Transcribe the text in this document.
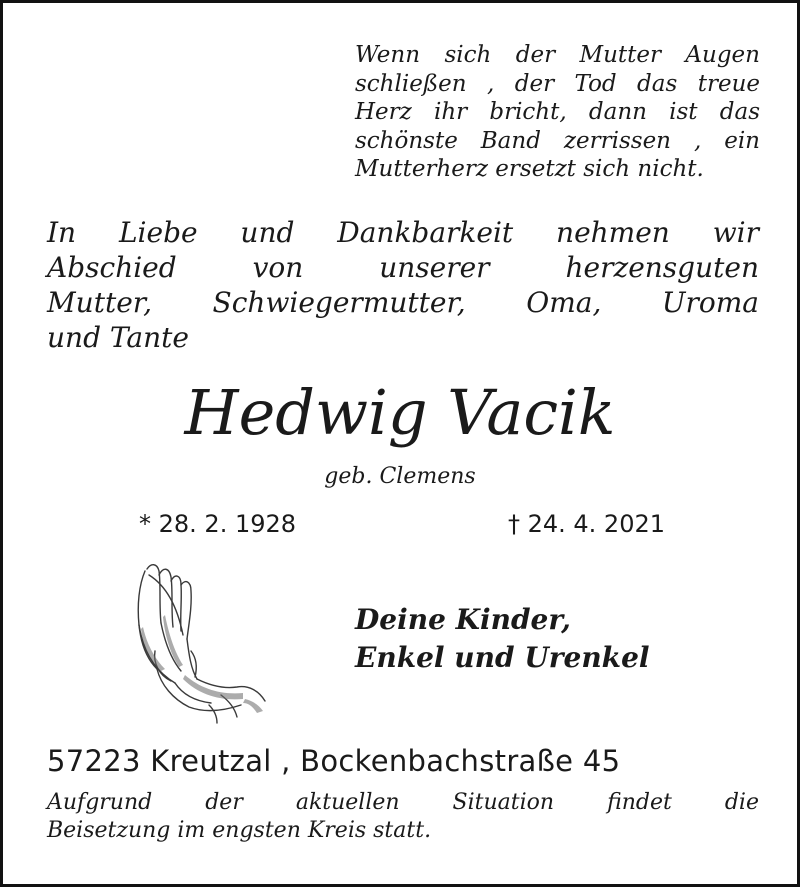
Wenn sich der Mutter Augen
schließen , der Tod das treue
Herz ihr bricht, dann ist das
schönste Band zerrissen , ein
Mutterherz ersetzt sich nicht.
In Liebe und Dankbarkeit nehmen wir
Abschied von unserer herzensguten
Mutter, Schwiegermutter, Oma, Uroma
und Tante
Hedwig Vacik
geb. Clemens
* 28. 2. 1928	† 24. 4. 2021
Deine Kinder,
Enkel und Urenkel
57223 Kreutzal , Bockenbachstraße 45
Aufgrund der aktuellen Situation findet die
Beisetzung im engsten Kreis statt.
